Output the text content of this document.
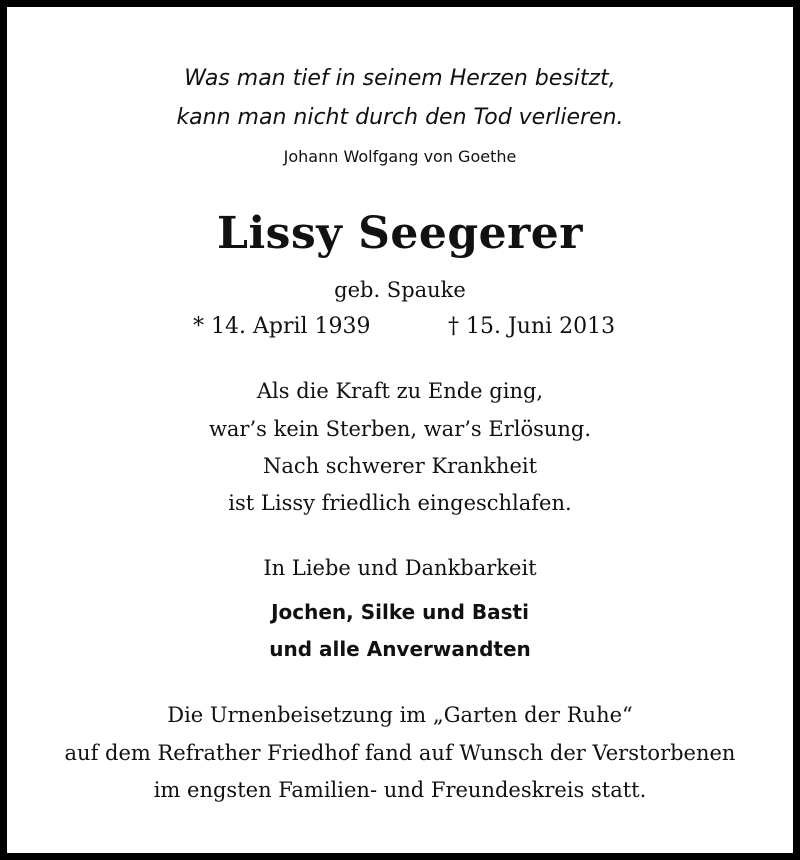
Was man tief in seinem Herzen besitzt,
kann man nicht durch den Tod verlieren.
Johann Wolfgang von Goethe
Lissy Seegerer
geb. Spauke
* 14. April 1939	† 15. Juni 2013
Als die Kraft zu Ende ging,
war’s kein Sterben, war’s Erlösung.
Nach schwerer Krankheit
ist Lissy friedlich eingeschlafen.
In Liebe und Dankbarkeit
Jochen, Silke und Basti
und alle Anverwandten
Die Urnenbeisetzung im „Garten der Ruhe“
auf dem Refrather Friedhof fand auf Wunsch der Verstorbenen
im engsten Familien- und Freundeskreis statt.
